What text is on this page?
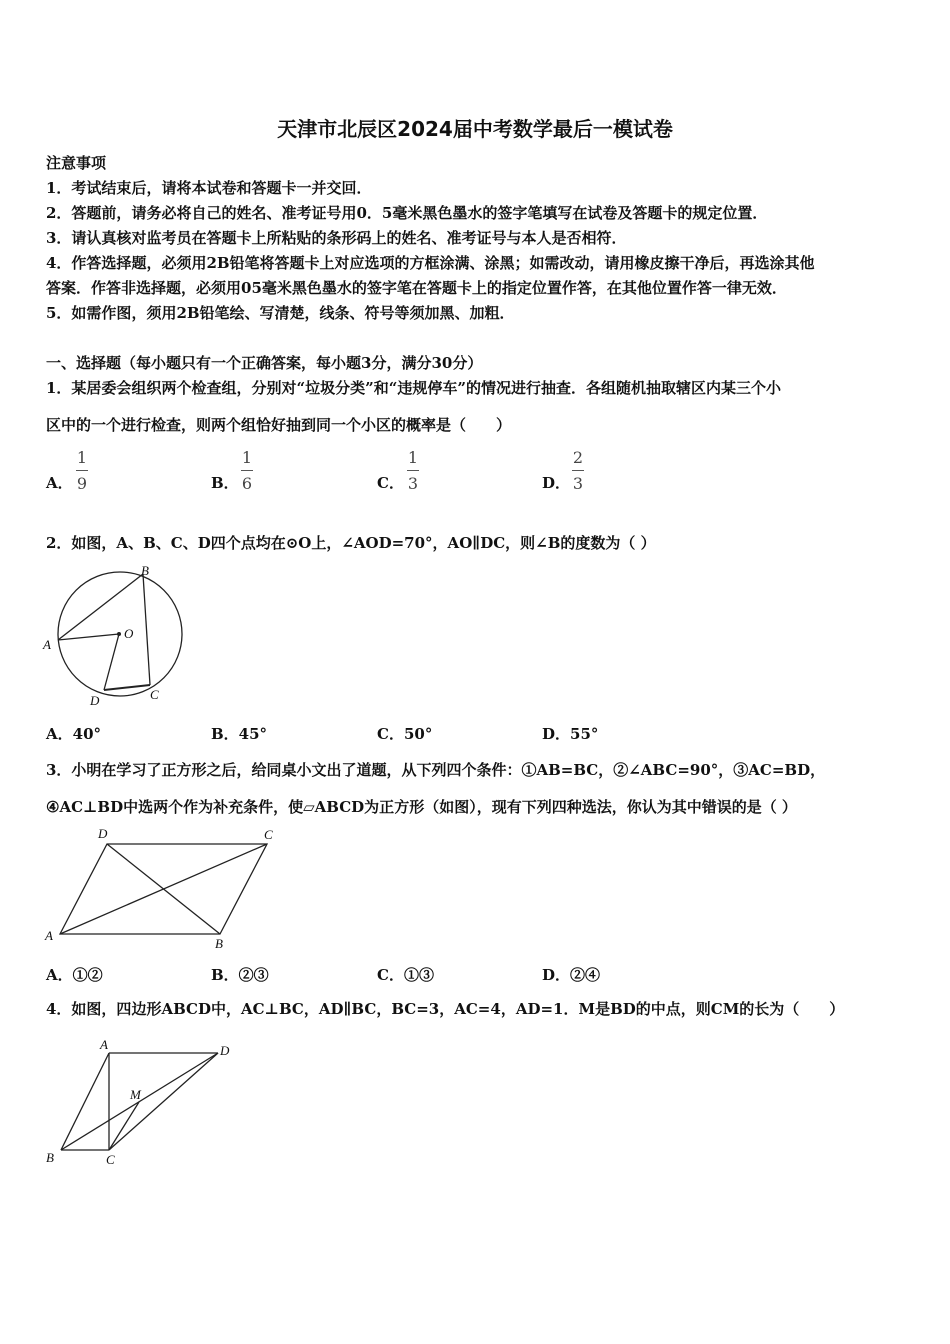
天津市北辰区2024届中考数学最后一模试卷
注意事项
1．考试结束后，请将本试卷和答题卡一并交回．
2．答题前，请务必将自己的姓名、准考证号用0．5毫米黑色墨水的签字笔填写在试卷及答题卡的规定位置．
3．请认真核对监考员在答题卡上所粘贴的条形码上的姓名、准考证号与本人是否相符．
4．作答选择题，必须用2B铅笔将答题卡上对应选项的方框涂满、涂黑；如需改动，请用橡皮擦干净后，再选涂其他
答案．作答非选择题，必须用05毫米黑色墨水的签字笔在答题卡上的指定位置作答，在其他位置作答一律无效．
5．如需作图，须用2B铅笔绘、写清楚，线条、符号等须加黑、加粗．
一、选择题（每小题只有一个正确答案，每小题3分，满分30分）
1．某居委会组织两个检查组，分别对“垃圾分类”和“违规停车”的情况进行抽查．各组随机抽取辖区内某三个小
区中的一个进行检查，则两个组恰好抽到同一个小区的概率是（　　）
A．
1
9	B．
1
6	C．
1
3	D．
2
3
2．如图，A、B、C、D四个点均在⊙O上，∠AOD=70°，AO∥DC，则∠B的度数为（ ）
A
B
C
D
O
A．40°	B．45°	C．50°	D．55°
3．小明在学习了正方形之后，给同桌小文出了道题，从下列四个条件：①AB=BC，②∠ABC=90°，③AC=BD，
④AC⊥BD中选两个作为补充条件，使▱ABCD为正方形（如图），现有下列四种选法，你认为其中错误的是（ ）
A
B
C
D
A．①②	B．②③	C．①③	D．②④
4．如图，四边形ABCD中，AC⊥BC，AD∥BC，BC=3，AC=4，AD=1．M是BD的中点，则CM的长为（　　）
A
B	C
D
M
